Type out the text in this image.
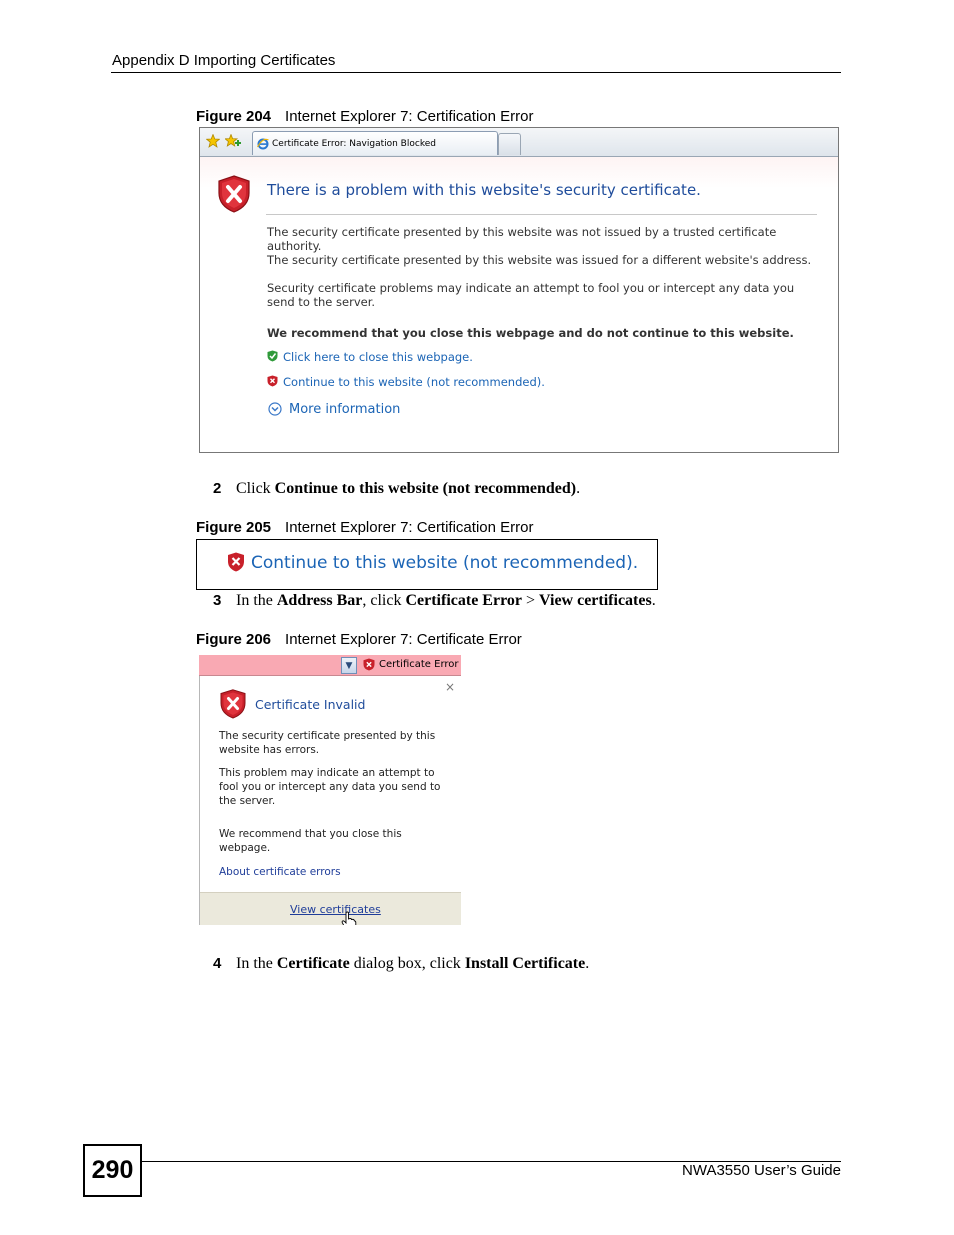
Appendix D Importing Certificates
Figure 204 Internet Explorer 7: Certification Error
Certificate Error: Navigation Blocked
There is a problem with this website's security certificate.
The security certificate presented by this website was not issued by a trusted certificate authority.
The security certificate presented by this website was issued for a different website's address.
Security certificate problems may indicate an attempt to fool you or intercept any data you send to the server.
We recommend that you close this webpage and do not continue to this website.
Click here to close this webpage.
Continue to this website (not recommended).
More information
2 Click Continue to this website (not recommended).
Figure 205 Internet Explorer 7: Certification Error
Continue to this website (not recommended).
3 In the Address Bar, click Certificate Error > View certificates.
Figure 206 Internet Explorer 7: Certificate Error
▼	Certificate Error
×
Certificate Invalid
The security certificate presented by this website has errors.
This problem may indicate an attempt to fool you or intercept any data you send to the server.
We recommend that you close this webpage.
About certificate errors
View certificates
4 In the Certificate dialog box, click Install Certificate.
290	NWA3550 User’s Guide
